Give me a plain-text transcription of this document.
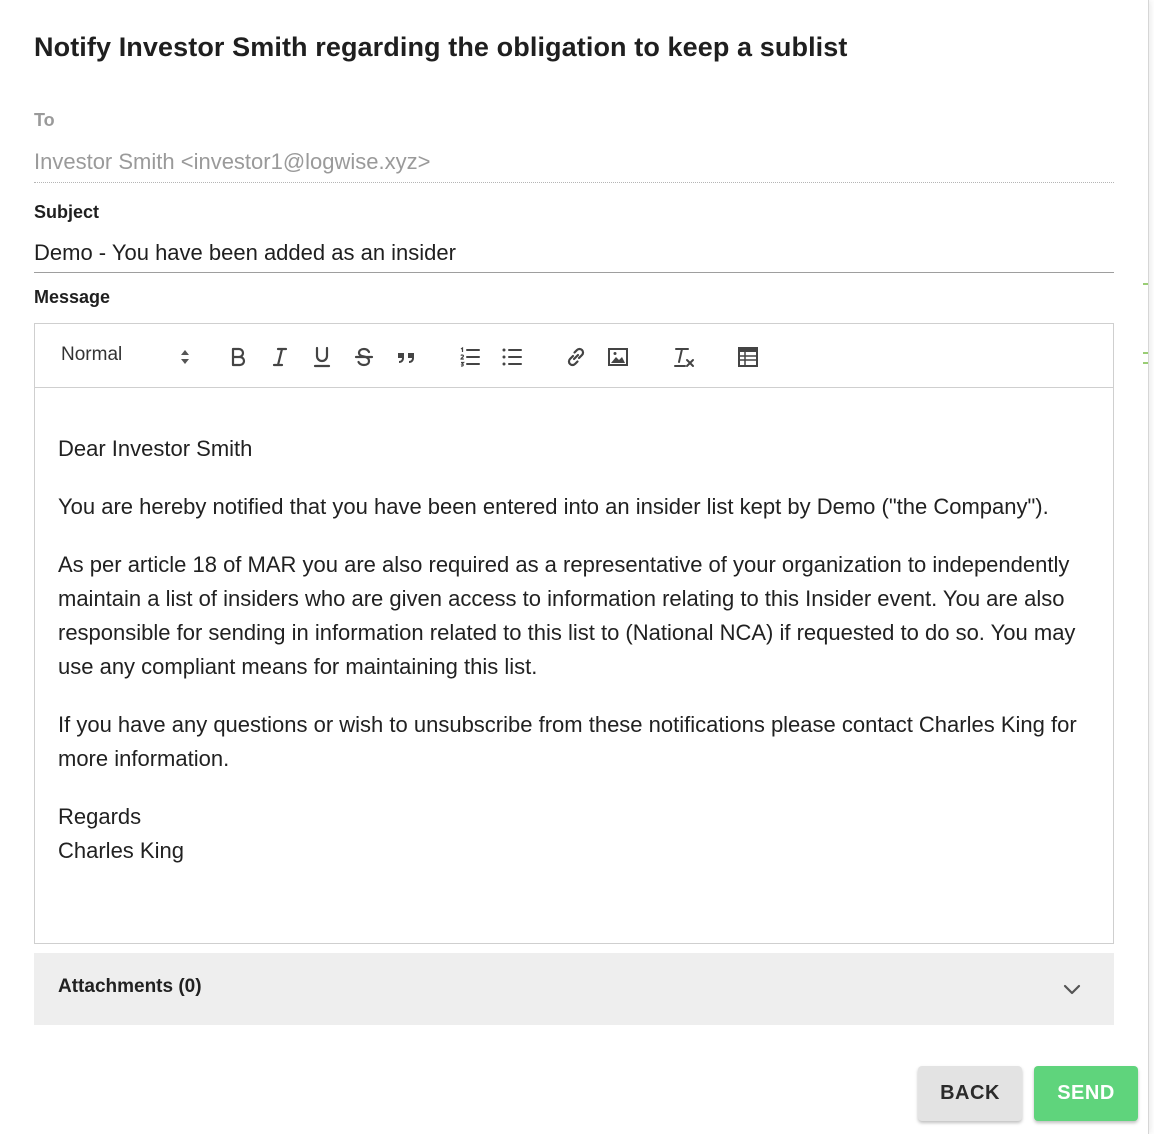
Notify Investor Smith regarding the obligation to keep a sublist
To
Investor Smith <investor1@logwise.xyz>
Subject
Demo - You have been added as an insider
Message
Normal

Dear Investor Smith

You are hereby notified that you have been entered into an insider list kept by Demo ("the Company").

As per article 18 of MAR you are also required as a representative of your organization to independently maintain a list of insiders who are given access to information relating to this Insider event. You are also responsible for sending in information related to this list to (National NCA) if requested to do so. You may use any compliant means for maintaining this list.

If you have any questions or wish to unsubscribe from these notifications please contact Charles King for more information.

Regards
Charles King

Attachments (0)
BACK	SEND
